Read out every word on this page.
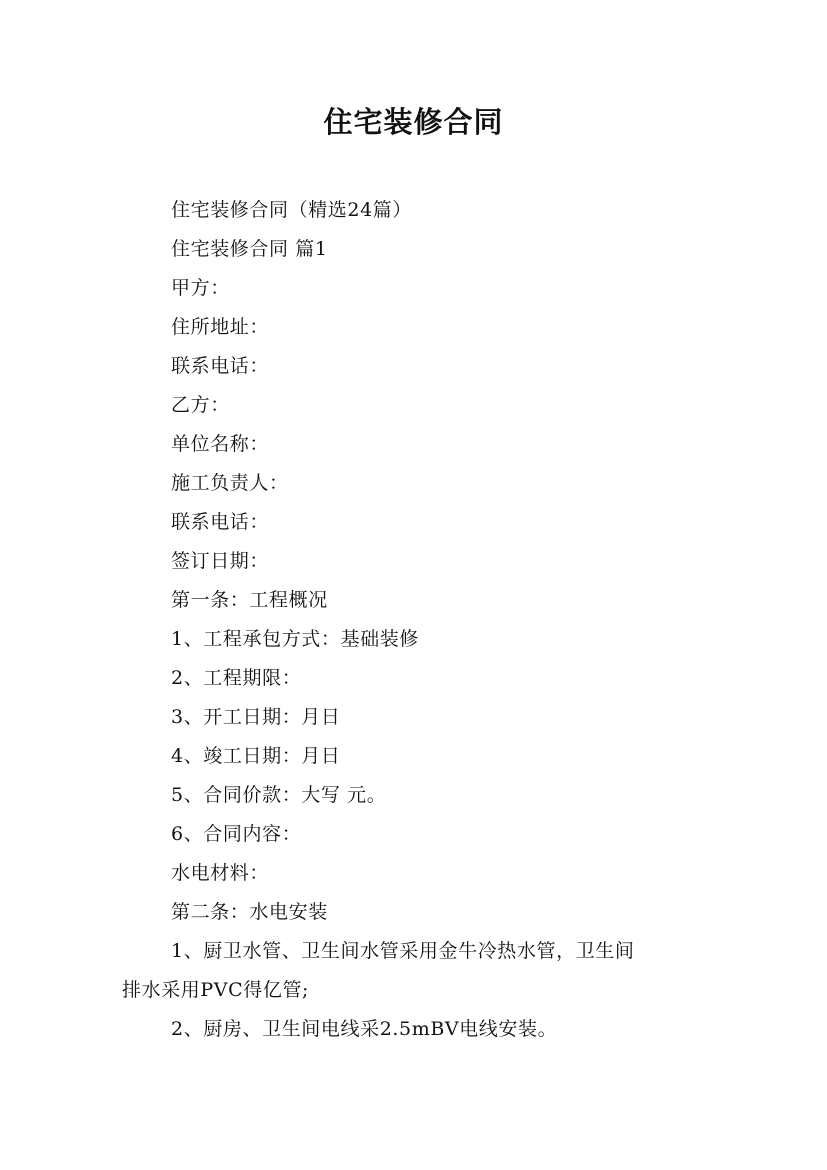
住宅装修合同
住宅装修合同（精选24篇）
住宅装修合同 篇1
甲方：
住所地址：
联系电话：
乙方：
单位名称：
施工负责人：
联系电话：
签订日期：
第一条：工程概况
1、工程承包方式：基础装修
2、工程期限：
3、开工日期：月日
4、竣工日期：月日
5、合同价款：大写 元。
6、合同内容：
水电材料：
第二条：水电安装
1、厨卫水管、卫生间水管采用金牛冷热水管，卫生间
排水采用PVC得亿管;
2、厨房、卫生间电线采2.5mBV电线安装。
